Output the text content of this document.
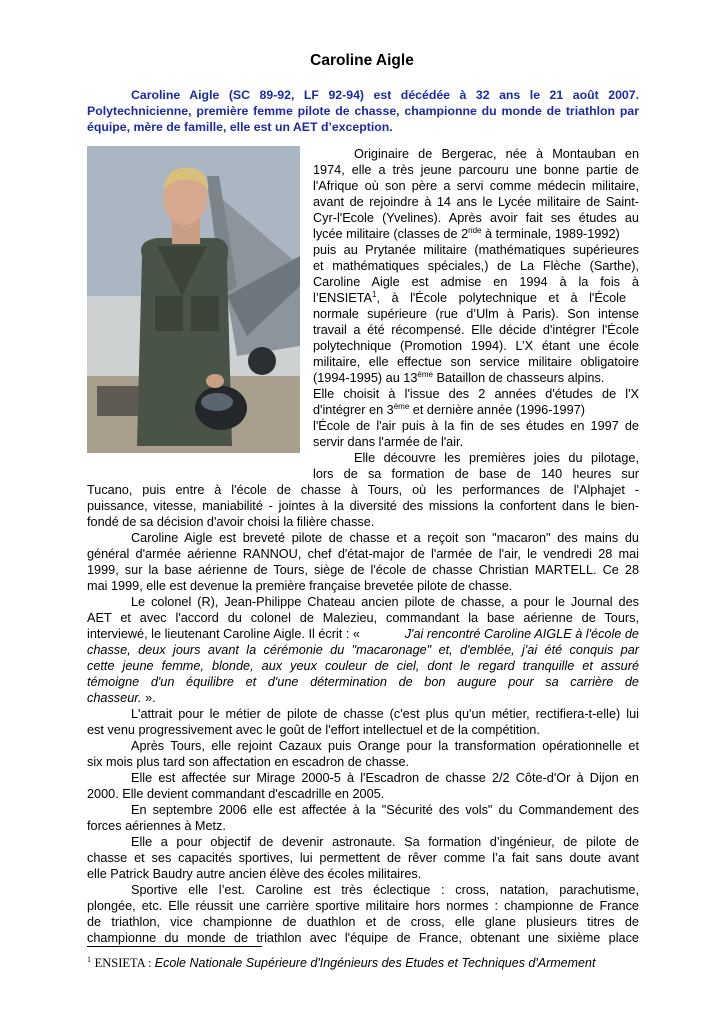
Caroline Aigle
Caroline Aigle (SC 89-92, LF 92-94) est décédée à 32 ans le 21 août 2007. Polytechnicienne, première femme pilote de chasse, championne du monde de triathlon par équipe, mère de famille, elle est un AET d’exception.
Originaire de Bergerac, née à Montauban en
1974, elle a très jeune parcouru une bonne partie de
l'Afrique où son père a servi comme médecin militaire,
avant de rejoindre à 14 ans le Lycée militaire de Saint-
Cyr-l'Ecole (Yvelines). Après avoir fait ses études au
lycée militaire (classes de 2nde à terminale, 1989-1992)
puis au Prytanée militaire (mathématiques supérieures
et mathématiques spéciales,) de La Flèche (Sarthe),
Caroline Aigle est admise en 1994 à la fois à
l’ENSIETA$^1$, à l'École polytechnique et à l'École
normale supérieure (rue d’Ulm à Paris). Son intense
travail a été récompensé. Elle décide d'intégrer l'École
polytechnique (Promotion 1994). L’X étant une école
militaire, elle effectue son service militaire obligatoire
(1994-1995) au 13ème Bataillon de chasseurs alpins.
Elle choisit à l'issue des 2 années d'études de l'X
d'intégrer en 3ème et dernière année (1996-1997)
l'École de l'air puis à la fin de ses études en 1997 de
servir dans l'armée de l'air.
Elle découvre les premières joies du pilotage,
lors de sa formation de base de 140 heures sur
Tucano, puis entre à l'école de chasse à Tours, où les performances de l'Alphajet -
puissance, vitesse, maniabilité - jointes à la diversité des missions la confortent dans le bien-
fondé de sa décision d'avoir choisi la filière chasse.
Caroline Aigle est breveté pilote de chasse et a reçoit son "macaron" des mains du
général d'armée aérienne RANNOU, chef d'état-major de l'armée de l'air, le vendredi 28 mai
1999, sur la base aérienne de Tours, siège de l'école de chasse Christian MARTELL. Ce 28
mai 1999, elle est devenue la première française brevetée pilote de chasse.
Le colonel (R), Jean-Philippe Chateau ancien pilote de chasse, a pour le Journal des
AET et avec l'accord du colonel de Malezieu, commandant la base aérienne de Tours,
interviewé, le lieutenant Caroline Aigle. Il écrit : «	J'ai rencontré Caroline AIGLE à l'école de
chasse, deux jours avant la cérémonie du "macaronage" et, d'emblée, j'ai été conquis par
cette jeune femme, blonde, aux yeux couleur de ciel, dont le regard tranquille et assuré
témoigne d'un équilibre et d'une détermination de bon augure pour sa carrière de
chasseur. ».
L'attrait pour le métier de pilote de chasse (c'est plus qu'un métier, rectifiera-t-elle) lui
est venu progressivement avec le goût de l'effort intellectuel et de la compétition.
Après Tours, elle rejoint Cazaux puis Orange pour la transformation opérationnelle et
six mois plus tard son affectation en escadron de chasse.
Elle est affectée sur Mirage 2000-5 à l'Escadron de chasse 2/2 Côte-d'Or à Dijon en
2000. Elle devient commandant d'escadrille en 2005.
En septembre 2006 elle est affectée à la "Sécurité des vols" du Commandement des
forces aériennes à Metz.
Elle a pour objectif de devenir astronaute. Sa formation d’ingénieur, de pilote de
chasse et ses capacités sportives, lui permettent de rêver comme l’a fait sans doute avant
elle Patrick Baudry autre ancien élève des écoles militaires.
Sportive elle l’est. Caroline est très éclectique : cross, natation, parachutisme,
plongée, etc. Elle réussit une carrière sportive militaire hors normes : championne de France
de triathlon, vice championne de duathlon et de cross, elle glane plusieurs titres de
championne du monde de triathlon avec l'équipe de France, obtenant une sixième place
$^1$ ENSIETA : Ecole Nationale Supérieure d'Ingénieurs des Etudes et Techniques d'Armement
